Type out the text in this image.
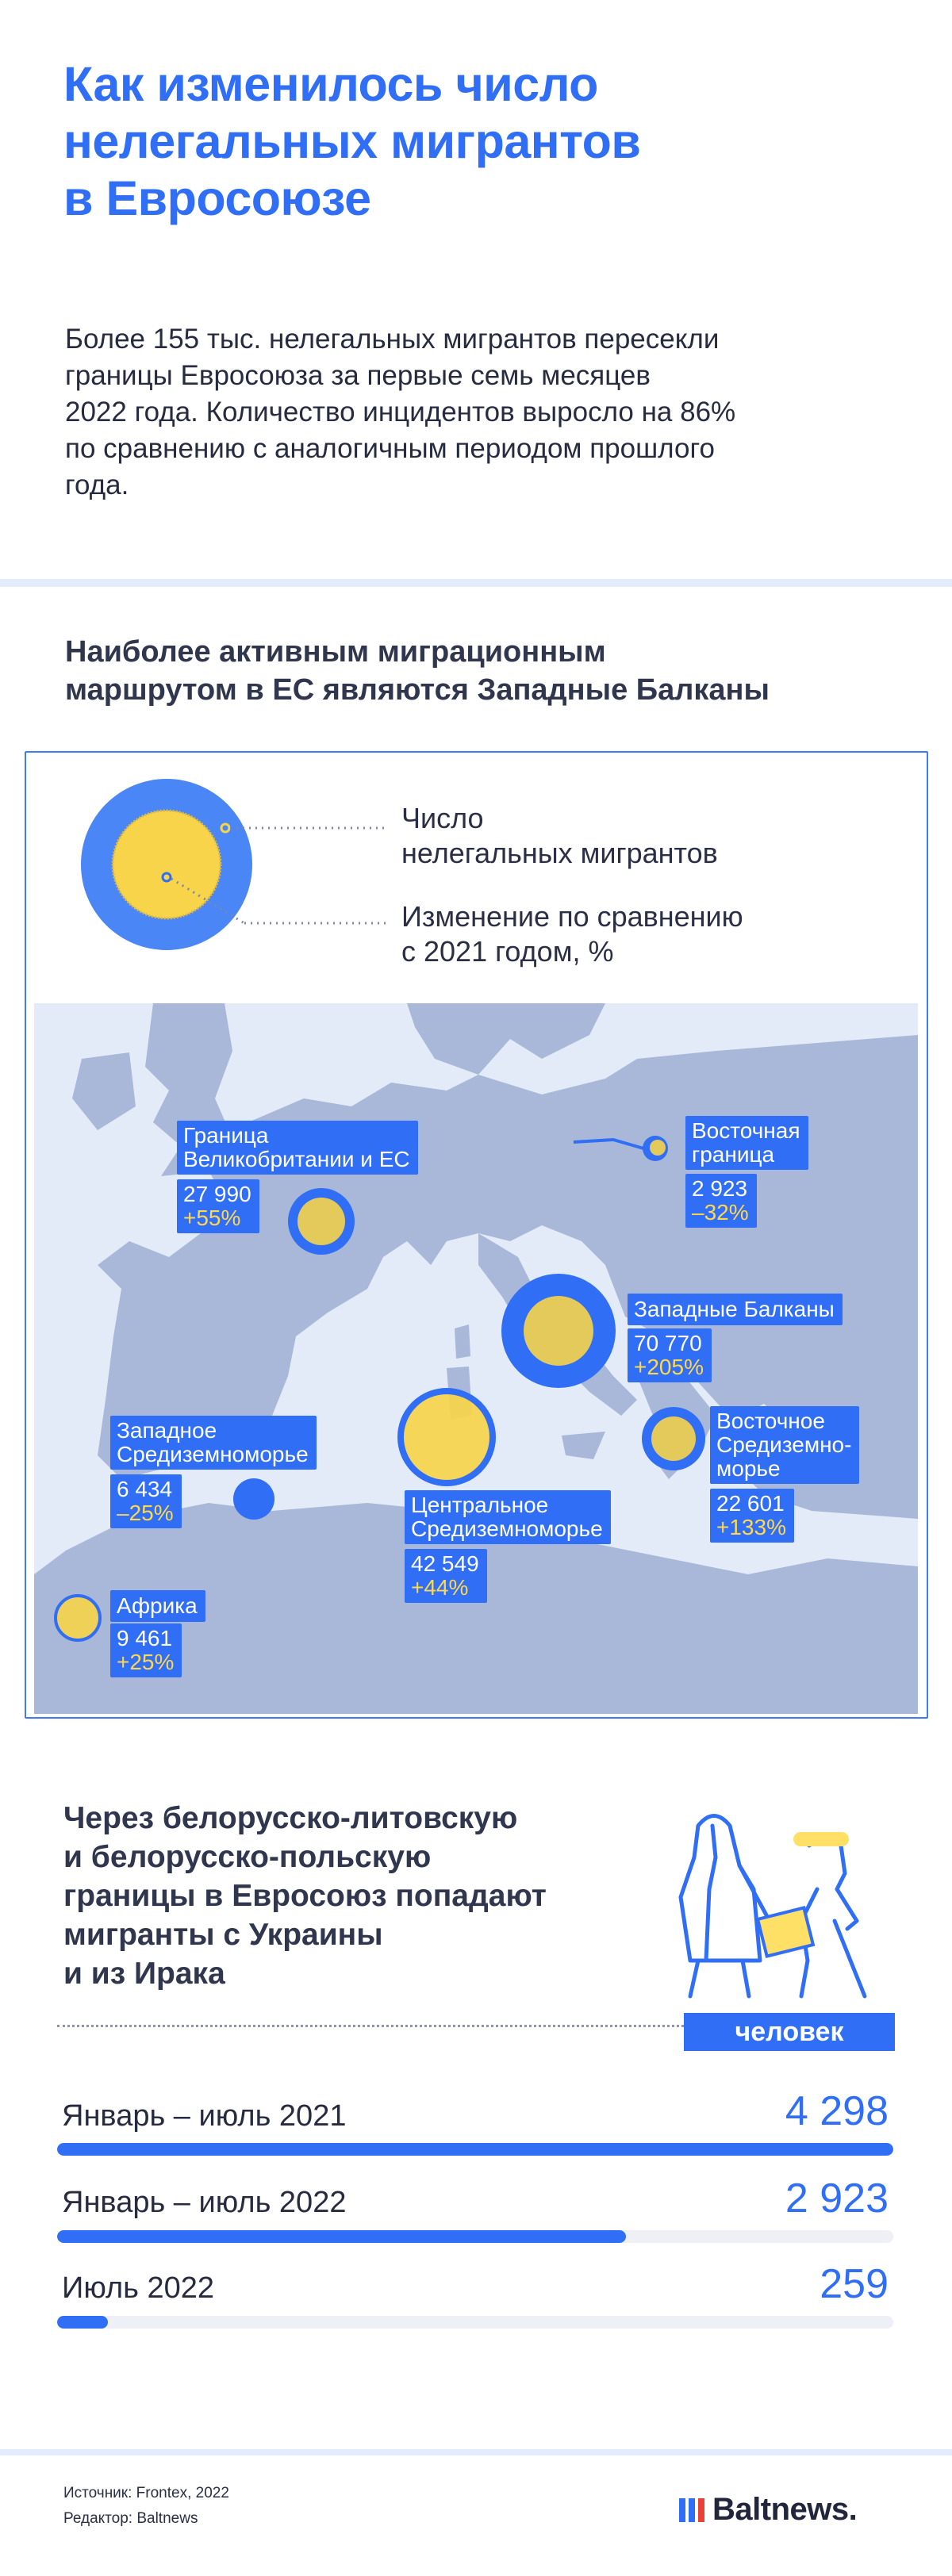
Как изменилось число
нелегальных мигрантов
в Евросоюзе
Более 155 тыс. нелегальных мигрантов пересекли
границы Евросоюза за первые семь месяцев
2022 года. Количество инцидентов выросло на 86%
по сравнению с аналогичным периодом прошлого
года.
Наиболее активным миграционным
маршрутом в ЕС являются Западные Балканы
Число
нелегальных мигрантов
Изменение по сравнению
с 2021 годом, %
Граница
Великобритании и ЕС
27 990
+55%
Восточная
граница
2 923
–32%
Западные Балканы
70 770
+205%
Западное
Средиземноморье
6 434
–25%
Восточное
Средиземно-
морье
22 601
+133%
Центральное
Средиземноморье
42 549
+44%
Африка
9 461
+25%
Через белорусско-литовскую
и белорусско-польскую
границы в Евросоюз попадают
мигранты с Украины
и из Ирака
человек
Январь – июль 2021	4 298
Январь – июль 2022	2 923
Июль 2022	259
Источник: Frontex, 2022
Редактор: Baltnews	Baltnews.
